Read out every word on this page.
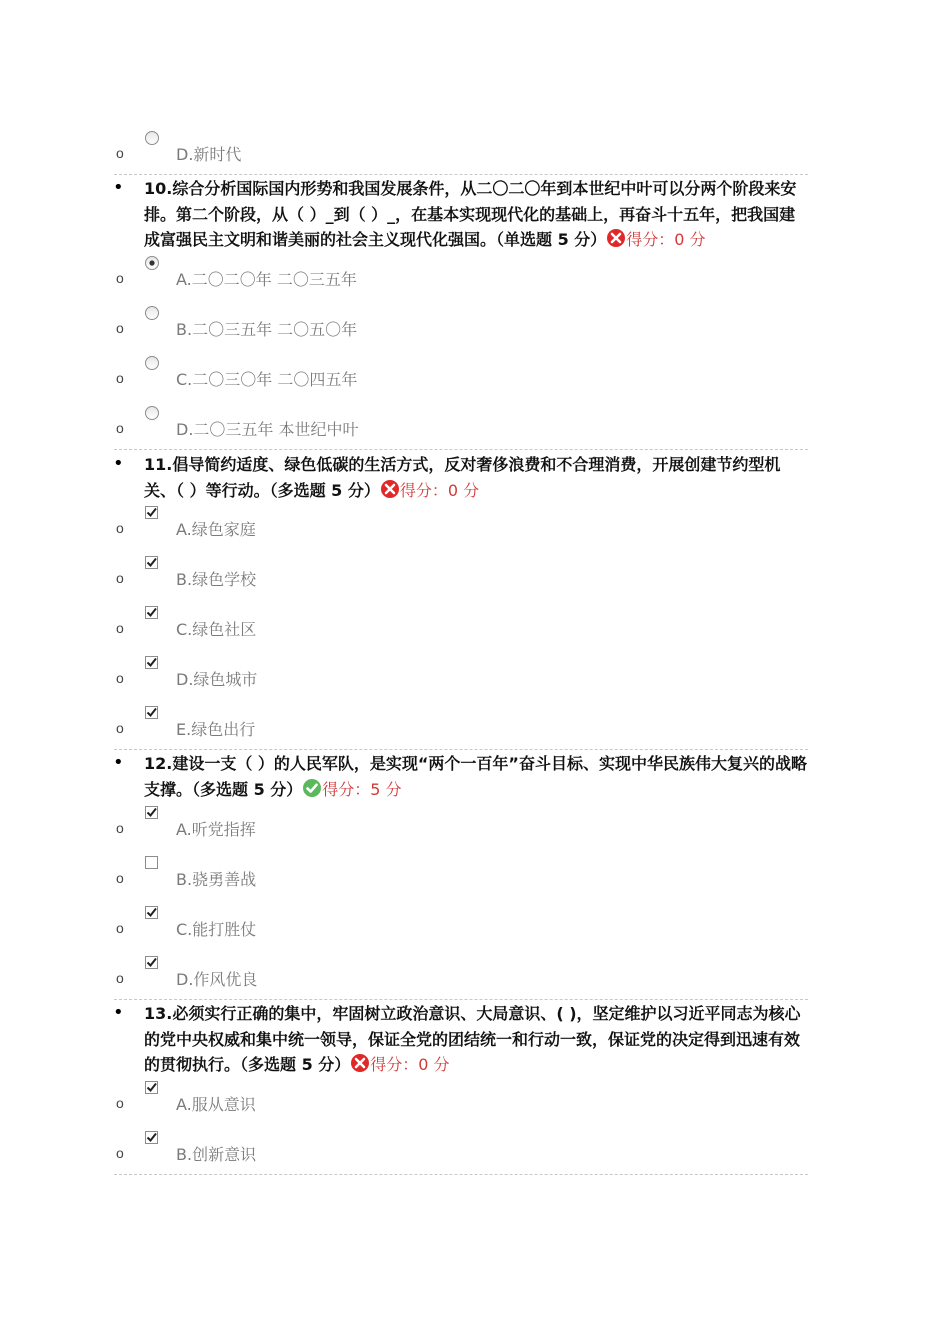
o	D.新时代
• 10.综合分析国际国内形势和我国发展条件，从二〇二〇年到本世纪中叶可以分两个阶段来安排。第二个阶段，从（ ）_到（ ）_，在基本实现现代化的基础上，再奋斗十五年，把我国建成富强民主文明和谐美丽的社会主义现代化强国。（单选题 5 分） 得分：0 分
o	A.二〇二〇年 二〇三五年
o	B.二〇三五年 二〇五〇年
o	C.二〇三〇年 二〇四五年
o	D.二〇三五年 本世纪中叶
• 11.倡导简约适度、绿色低碳的生活方式，反对奢侈浪费和不合理消费，开展创建节约型机关、（ ）等行动。（多选题 5 分） 得分：0 分
o	A.绿色家庭
o	B.绿色学校
o	C.绿色社区
o	D.绿色城市
o	E.绿色出行
• 12.建设一支（ ）的人民军队，是实现“两个一百年”奋斗目标、实现中华民族伟大复兴的战略支撑。（多选题 5 分） 得分：5 分
o	A.听党指挥
o	B.骁勇善战
o	C.能打胜仗
o	D.作风优良
• 13.必须实行正确的集中，牢固树立政治意识、大局意识、( )，坚定维护以习近平同志为核心的党中央权威和集中统一领导，保证全党的团结统一和行动一致，保证党的决定得到迅速有效的贯彻执行。（多选题 5 分） 得分：0 分
o	A.服从意识
o	B.创新意识
